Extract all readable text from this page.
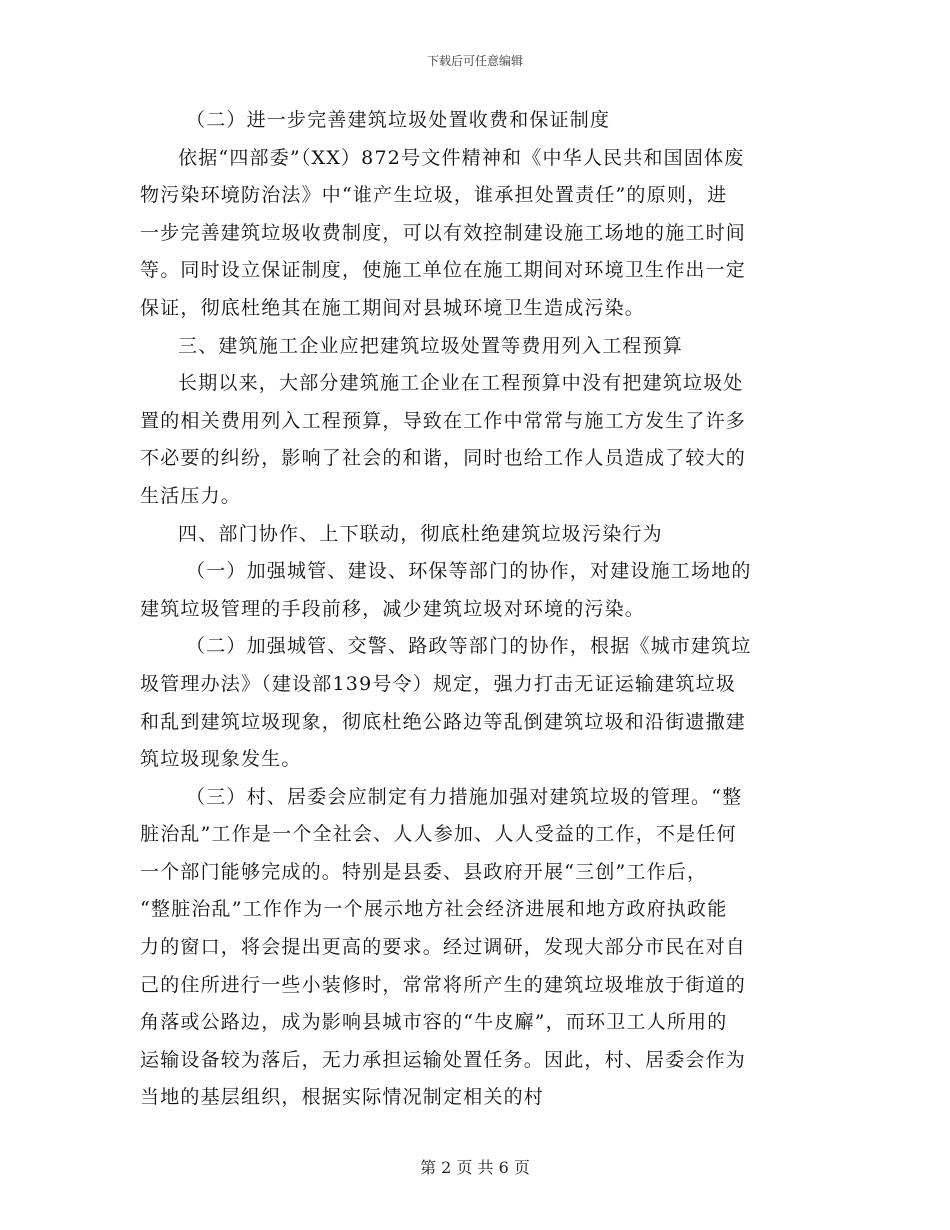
下载后可任意编辑
（二）进一步完善建筑垃圾处置收费和保证制度
依据“四部委”（XX）872号文件精神和《中华人民共和国固体废
物污染环境防治法》中“谁产生垃圾，谁承担处置责任”的原则，进
一步完善建筑垃圾收费制度，可以有效控制建设施工场地的施工时间
等。同时设立保证制度，使施工单位在施工期间对环境卫生作出一定
保证，彻底杜绝其在施工期间对县城环境卫生造成污染。
三、建筑施工企业应把建筑垃圾处置等费用列入工程预算
长期以来，大部分建筑施工企业在工程预算中没有把建筑垃圾处
置的相关费用列入工程预算，导致在工作中常常与施工方发生了许多
不必要的纠纷，影响了社会的和谐，同时也给工作人员造成了较大的
生活压力。
四、部门协作、上下联动，彻底杜绝建筑垃圾污染行为
（一）加强城管、建设、环保等部门的协作，对建设施工场地的
建筑垃圾管理的手段前移，减少建筑垃圾对环境的污染。
（二）加强城管、交警、路政等部门的协作，根据《城市建筑垃
圾管理办法》（建设部139号令）规定，强力打击无证运输建筑垃圾
和乱到建筑垃圾现象，彻底杜绝公路边等乱倒建筑垃圾和沿街遗撒建
筑垃圾现象发生。
（三）村、居委会应制定有力措施加强对建筑垃圾的管理。“整
脏治乱”工作是一个全社会、人人参加、人人受益的工作，不是任何
一个部门能够完成的。特别是县委、县政府开展“三创”工作后，
“整脏治乱”工作作为一个展示地方社会经济进展和地方政府执政能
力的窗口，将会提出更高的要求。经过调研，发现大部分市民在对自
己的住所进行一些小装修时，常常将所产生的建筑垃圾堆放于街道的
角落或公路边，成为影响县城市容的“牛皮廨”，而环卫工人所用的
运输设备较为落后，无力承担运输处置任务。因此，村、居委会作为
当地的基层组织，根据实际情况制定相关的村
第 2 页 共 6 页
